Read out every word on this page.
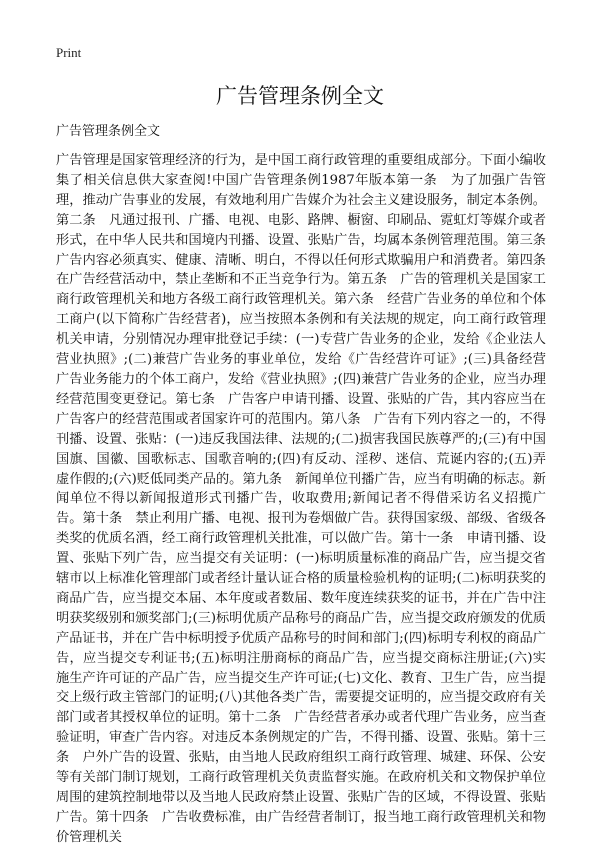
Print
广告管理条例全文
广告管理条例全文

广告管理是国家管理经济的行为，是中国工商行政管理的重要组成部分。下面小编收集了相关信息供大家查阅!中国广告管理条例1987年版本第一条　为了加强广告管理，推动广告事业的发展，有效地利用广告媒介为社会主义建设服务，制定本条例。第二条　凡通过报刊、广播、电视、电影、路牌、橱窗、印刷品、霓虹灯等媒介或者形式，在中华人民共和国境内刊播、设置、张贴广告，均属本条例管理范围。第三条　广告内容必须真实、健康、清晰、明白，不得以任何形式欺骗用户和消费者。第四条　在广告经营活动中，禁止垄断和不正当竞争行为。第五条　广告的管理机关是国家工商行政管理机关和地方各级工商行政管理机关。第六条　经营广告业务的单位和个体工商户(以下简称广告经营者)，应当按照本条例和有关法规的规定，向工商行政管理机关申请，分别情况办理审批登记手续：(一)专营广告业务的企业，发给《企业法人营业执照》;(二)兼营广告业务的事业单位，发给《广告经营许可证》;(三)具备经营广告业务能力的个体工商户，发给《营业执照》;(四)兼营广告业务的企业，应当办理经营范围变更登记。第七条　广告客户申请刊播、设置、张贴的广告，其内容应当在广告客户的经营范围或者国家许可的范围内。第八条　广告有下列内容之一的，不得刊播、设置、张贴：(一)违反我国法律、法规的;(二)损害我国民族尊严的;(三)有中国国旗、国徽、国歌标志、国歌音响的;(四)有反动、淫秽、迷信、荒诞内容的;(五)弄虚作假的;(六)贬低同类产品的。第九条　新闻单位刊播广告，应当有明确的标志。新闻单位不得以新闻报道形式刊播广告，收取费用;新闻记者不得借采访名义招揽广告。第十条　禁止利用广播、电视、报刊为卷烟做广告。获得国家级、部级、省级各类奖的优质名酒，经工商行政管理机关批准，可以做广告。第十一条　申请刊播、设置、张贴下列广告，应当提交有关证明：(一)标明质量标准的商品广告，应当提交省辖市以上标准化管理部门或者经计量认证合格的质量检验机构的证明;(二)标明获奖的商品广告，应当提交本届、本年度或者数届、数年度连续获奖的证书，并在广告中注明获奖级别和颁奖部门;(三)标明优质产品称号的商品广告，应当提交政府颁发的优质产品证书，并在广告中标明授予优质产品称号的时间和部门;(四)标明专利权的商品广告，应当提交专利证书;(五)标明注册商标的商品广告，应当提交商标注册证;(六)实施生产许可证的产品广告，应当提交生产许可证;(七)文化、教育、卫生广告，应当提交上级行政主管部门的证明;(八)其他各类广告，需要提交证明的，应当提交政府有关部门或者其授权单位的证明。第十二条　广告经营者承办或者代理广告业务，应当查验证明，审查广告内容。对违反本条例规定的广告，不得刊播、设置、张贴。第十三条　户外广告的设置、张贴，由当地人民政府组织工商行政管理、城建、环保、公安等有关部门制订规划，工商行政管理机关负责监督实施。在政府机关和文物保护单位周围的建筑控制地带以及当地人民政府禁止设置、张贴广告的区域，不得设置、张贴广告。第十四条　广告收费标准，由广告经营者制订，报当地工商行政管理机关和物价管理机关
